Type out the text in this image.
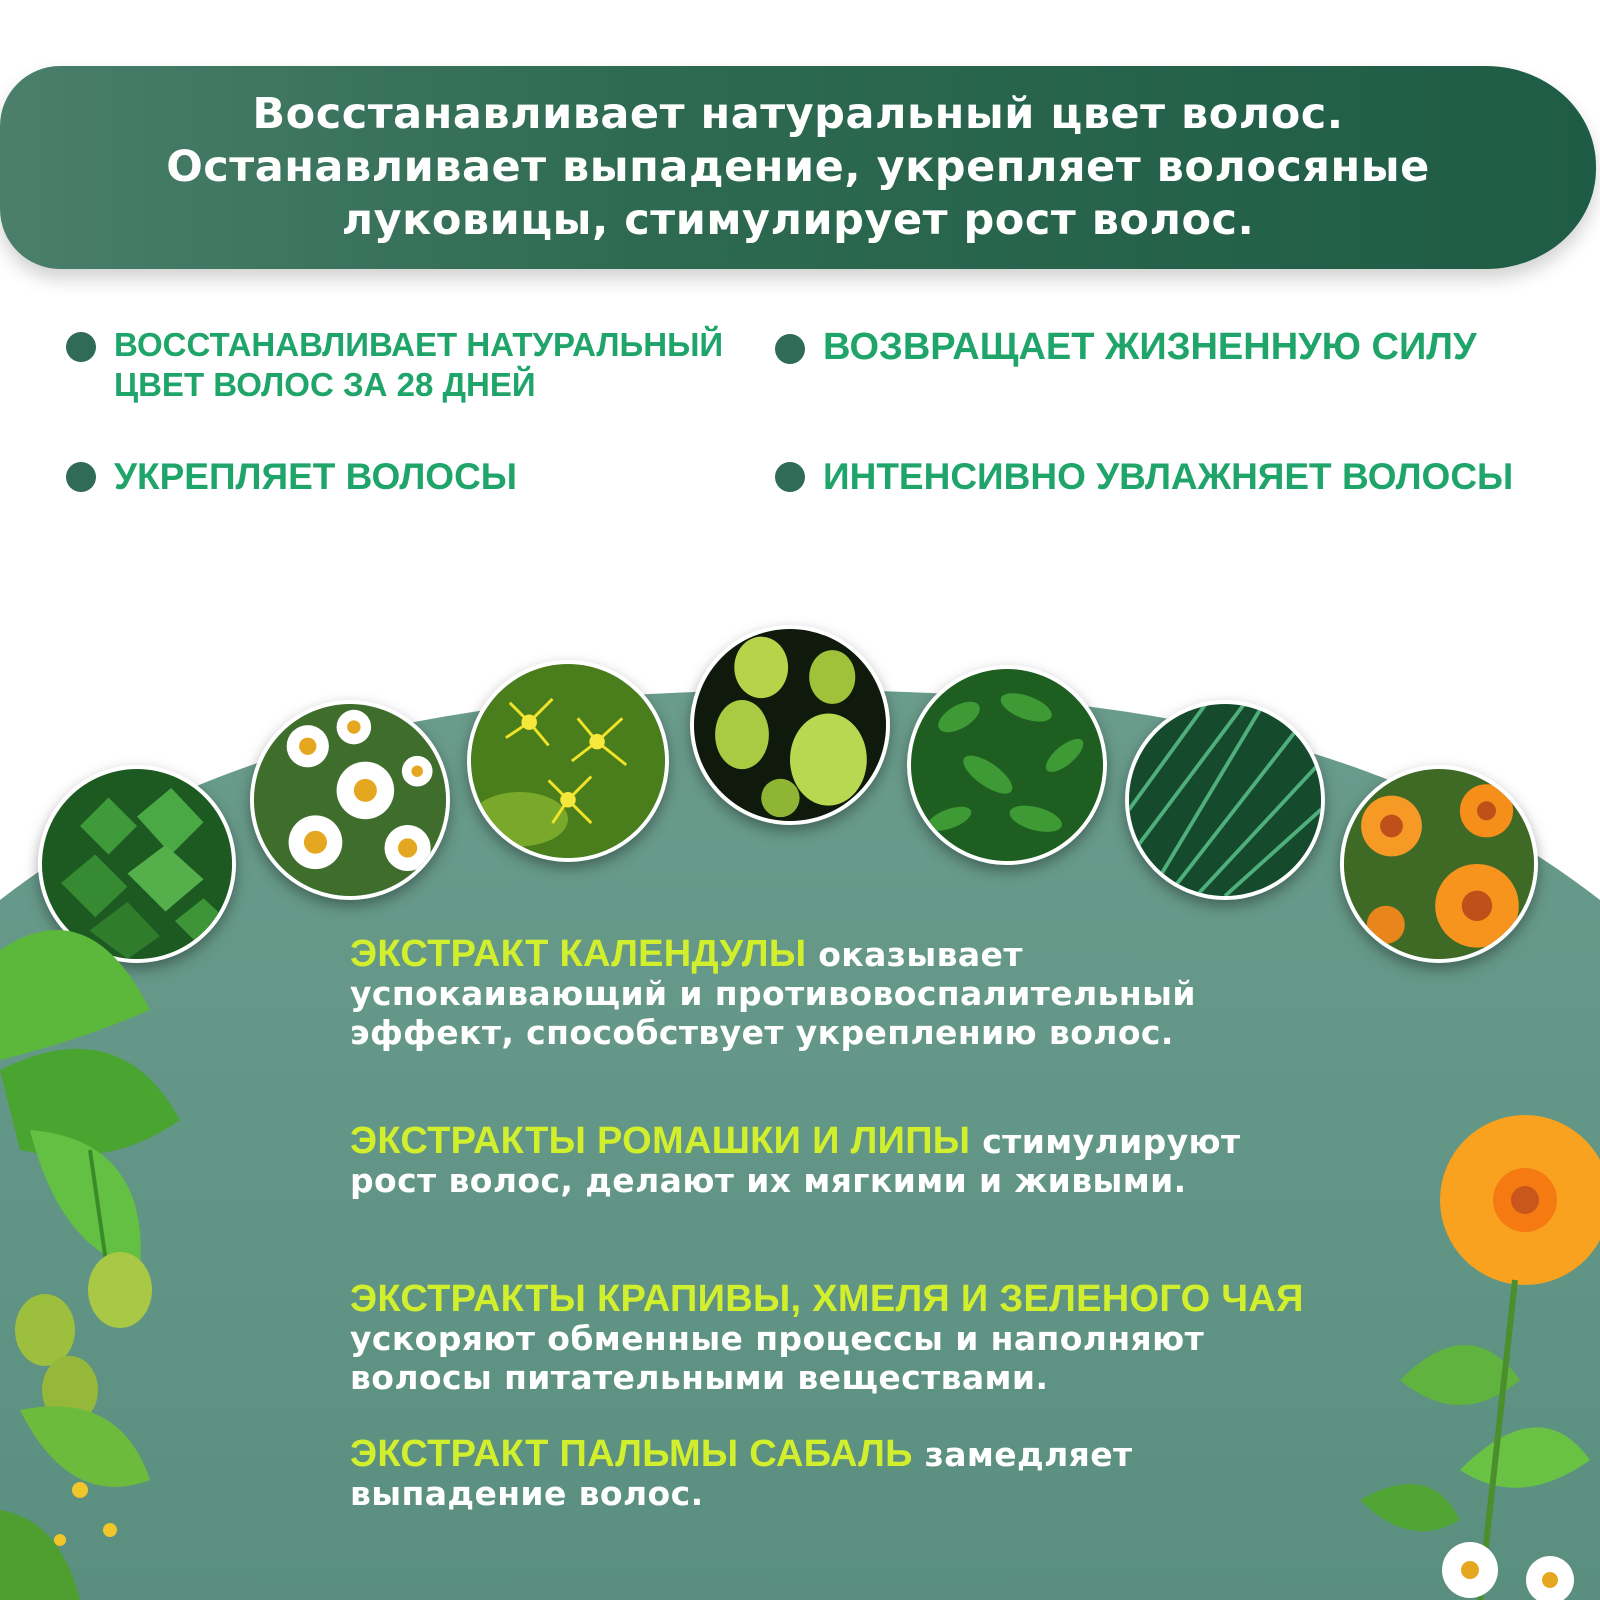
Восстанавливает натуральный цвет волос.
Останавливает выпадение, укрепляет волосяные
луковицы, стимулирует рост волос.
ВОССТАНАВЛИВАЕТ НАТУРАЛЬНЫЙ ЦВЕТ ВОЛОС ЗА 28 ДНЕЙ
ВОЗВРАЩАЕТ ЖИЗНЕННУЮ СИЛУ
УКРЕПЛЯЕТ ВОЛОСЫ	ИНТЕНСИВНО УВЛАЖНЯЕТ ВОЛОСЫ
ЭКСТРАКТ КАЛЕНДУЛЫ оказывает успокаивающий и противовоспалительный эффект, способствует укреплению волос.
ЭКСТРАКТЫ РОМАШКИ И ЛИПЫ стимулируют рост волос, делают их мягкими и живыми.
ЭКСТРАКТЫ КРАПИВЫ, ХМЕЛЯ И ЗЕЛЕНОГО ЧАЯ ускоряют обменные процессы и наполняют волосы питательными веществами.
ЭКСТРАКТ ПАЛЬМЫ САБАЛЬ замедляет выпадение волос.
